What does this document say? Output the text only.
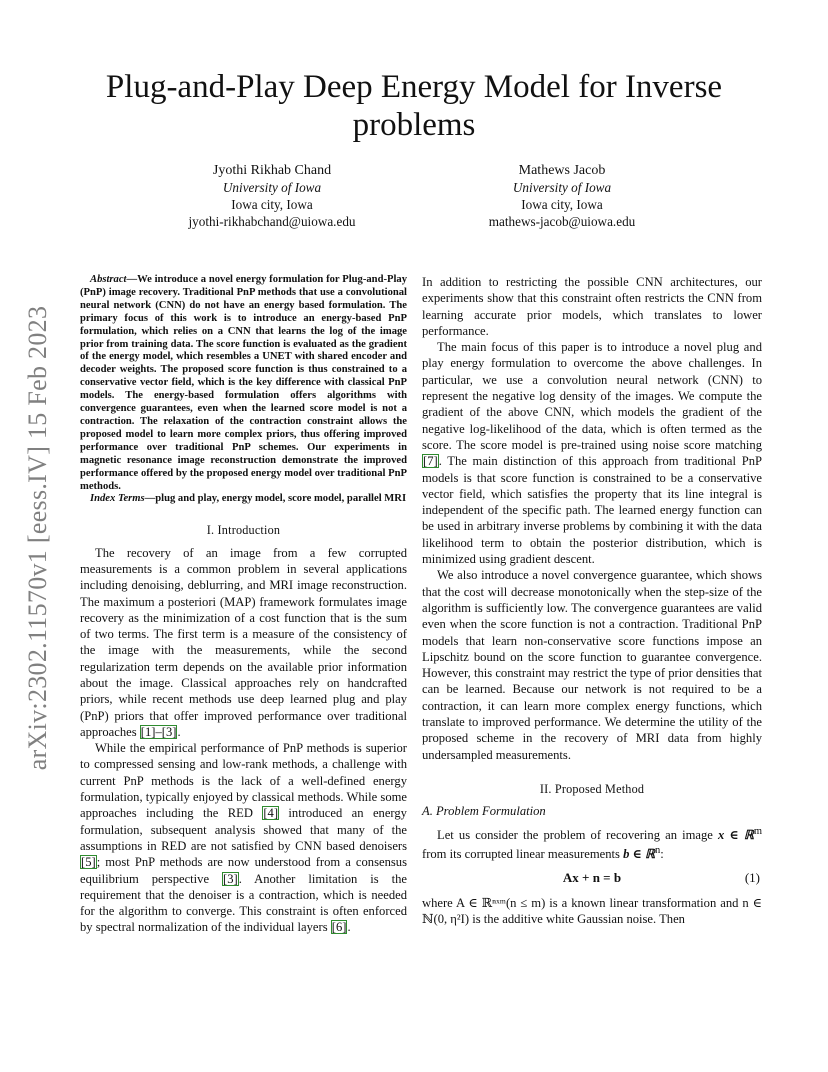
arXiv:2302.11570v1 [eess.IV] 15 Feb 2023
Plug-and-Play Deep Energy Model for Inverse problems
Jyothi Rikhab Chand
University of Iowa
Iowa city, Iowa
jyothi-rikhabchand@uiowa.edu
Mathews Jacob
University of Iowa
Iowa city, Iowa
mathews-jacob@uiowa.edu

Abstract—We introduce a novel energy formulation for Plug-and-Play (PnP) image recovery. Traditional PnP methods that use a convolutional neural network (CNN) do not have an energy based formulation. The primary focus of this work is to introduce an energy-based PnP formulation, which relies on a CNN that learns the log of the image prior from training data. The score function is evaluated as the gradient of the energy model, which resembles a UNET with shared encoder and decoder weights. The proposed score function is thus constrained to a conservative vector field, which is the key difference with classical PnP models. The energy-based formulation offers algorithms with convergence guarantees, even when the learned score model is not a contraction. The relaxation of the contraction constraint allows the proposed model to learn more complex priors, thus offering improved performance over traditional PnP schemes. Our experiments in magnetic resonance image reconstruction demonstrate the improved performance offered by the proposed energy model over traditional PnP methods.

Index Terms—plug and play, energy model, score model, parallel MRI

I. Introduction

The recovery of an image from a few corrupted measurements is a common problem in several applications including denoising, deblurring, and MRI image reconstruction. The maximum a posteriori (MAP) framework formulates image recovery as the minimization of a cost function that is the sum of two terms. The first term is a measure of the consistency of the image with the measurements, while the second regularization term depends on the available prior information about the image. Classical approaches rely on handcrafted priors, while recent methods use deep learned plug and play (PnP) priors that offer improved performance over traditional approaches [1]–[3].

While the empirical performance of PnP methods is superior to compressed sensing and low-rank methods, a challenge with current PnP methods is the lack of a well-defined energy formulation, typically enjoyed by classical methods. While some approaches including the RED [4] introduced an energy formulation, subsequent analysis showed that many of the assumptions in RED are not satisfied by CNN based denoisers [5]; most PnP methods are now understood from a consensus equilibrium perspective [3]. Another limitation is the requirement that the denoiser is a contraction, which is needed for the algorithm to converge. This constraint is often enforced by spectral normalization of the individual layers [6].

In addition to restricting the possible CNN architectures, our experiments show that this constraint often restricts the CNN from learning accurate prior models, which translates to lower performance.

The main focus of this paper is to introduce a novel plug and play energy formulation to overcome the above challenges. In particular, we use a convolution neural network (CNN) to represent the negative log density of the images. We compute the gradient of the above CNN, which models the gradient of the negative log-likelihood of the data, which is often termed as the score. The score model is pre-trained using noise score matching [7]. The main distinction of this approach from traditional PnP models is that score function is constrained to be a conservative vector field, which satisfies the property that its line integral is independent of the specific path. The learned energy function can be used in arbitrary inverse problems by combining it with the data likelihood term to obtain the posterior distribution, which is minimized using gradient descent.

We also introduce a novel convergence guarantee, which shows that the cost will decrease monotonically when the step-size of the algorithm is sufficiently low. The convergence guarantees are valid even when the score function is not a contraction. Traditional PnP models that learn non-conservative score functions impose an Lipschitz bound on the score function to guarantee convergence. However, this constraint may restrict the type of prior densities that can be learned. Because our network is not required to be a contraction, it can learn more complex energy functions, which translate to improved performance. We determine the utility of the proposed scheme in the recovery of MRI data from highly undersampled measurements.

II. Proposed Method
A. Problem Formulation

Let us consider the problem of recovering an image x ∈ ℝ$^m$ from its corrupted linear measurements b ∈ ℝ$^n$:

Ax + n = b	(1)

where A ∈ ℝⁿˣᵐ(n ≤ m) is a known linear transformation and n ∈ ℕ(0, η²I) is the additive white Gaussian noise. Then
